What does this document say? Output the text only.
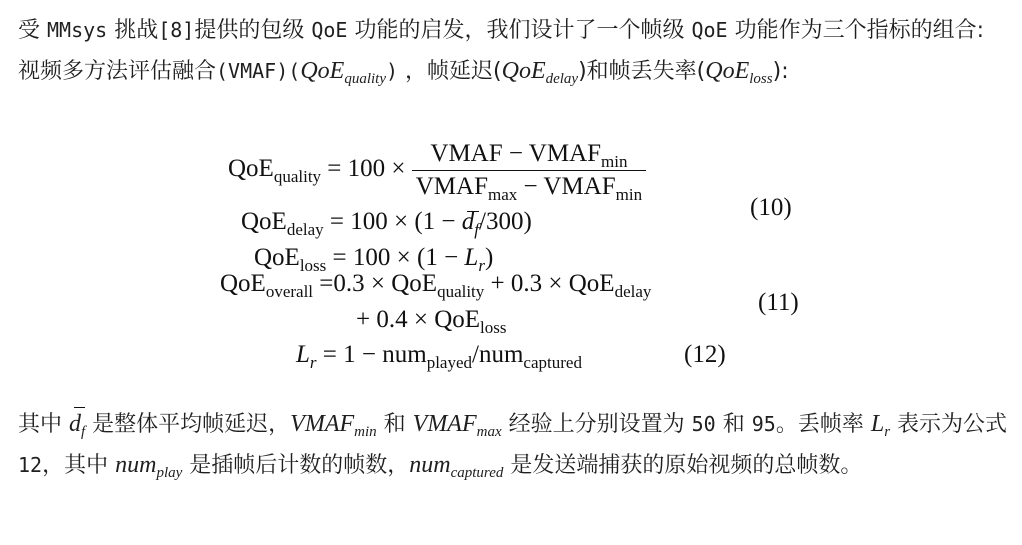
受 MMsys 挑战[8]提供的包级 QoE 功能的启发，我们设计了一个帧级 QoE 功能作为三个指标的组合: 视频多方法评估融合(VMAF)(QoE$_{quality}$) ，帧延迟(QoE$_{delay}$)和帧丢失率(QoE$_{loss}$):
$QoE_{quality} = 100 \times \frac{VMAF - VMAF_{min}}{VMAF_{max} - VMAF_{min}}$
$QoE_{delay} = 100 \times (1 - d_f/300)$
$QoE_{loss} = 100 \times (1 - L_r)$
(10)
QoE$_{overall}$ =0.3 × QoE$_{quality}$ + 0.3 × QoE$_{delay}$
+ 0.4 × QoE$_{loss}$
(11)
$L_r = 1 - num_{played}/num_{captured}$	(12)
其中 $d_f$ 是整体平均帧延迟，$VMAF_{min}$ 和 $VMAF_{max}$ 经验上分别设置为 50 和 95。丢帧率 $L_r$ 表示为公式 12，其中 num$_{play}$ 是插帧后计数的帧数，num$_{captured}$ 是发送端捕获的原始视频的总帧数。
